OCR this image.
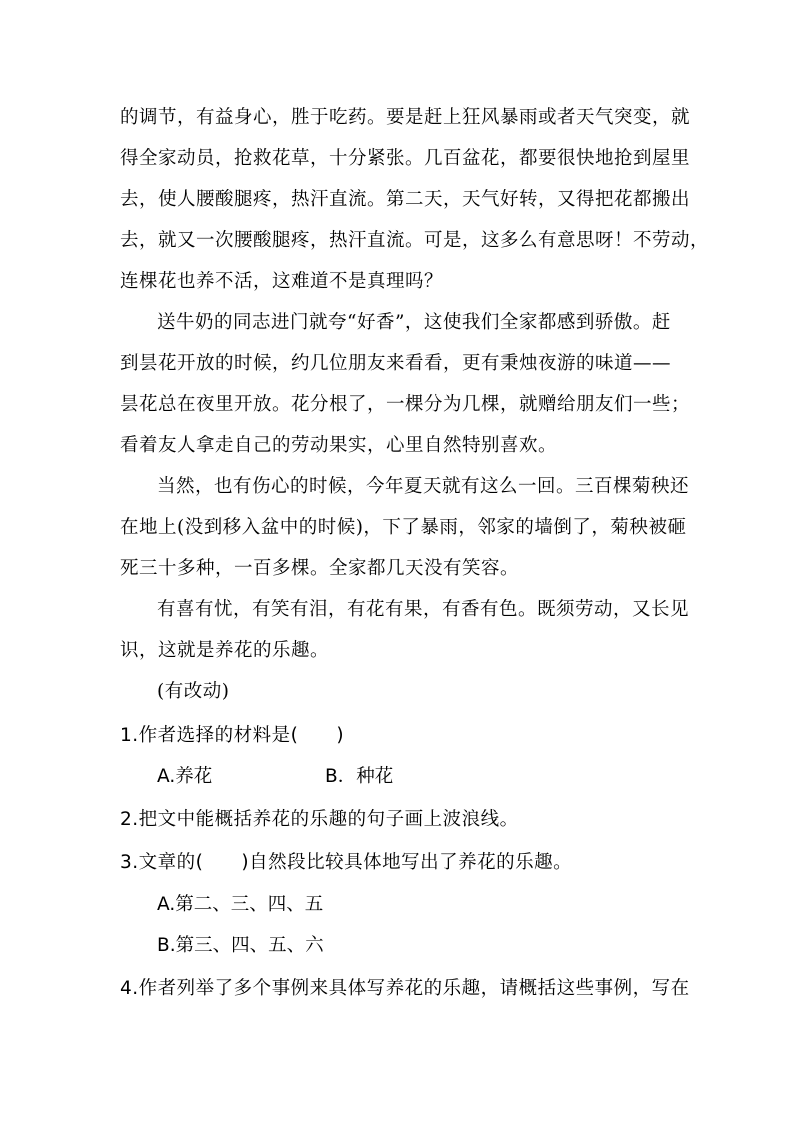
的调节，有益身心，胜于吃药。要是赶上狂风暴雨或者天气突变，就
得全家动员，抢救花草，十分紧张。几百盆花，都要很快地抢到屋里
去，使人腰酸腿疼，热汗直流。第二天，天气好转，又得把花都搬出
去，就又一次腰酸腿疼，热汗直流。可是，这多么有意思呀！不劳动，
连棵花也养不活，这难道不是真理吗？
送牛奶的同志进门就夸“好香”，这使我们全家都感到骄傲。赶
到昙花开放的时候，约几位朋友来看看，更有秉烛夜游的味道——
昙花总在夜里开放。花分根了，一棵分为几棵，就赠给朋友们一些；
看着友人拿走自己的劳动果实，心里自然特别喜欢。
当然，也有伤心的时候，今年夏天就有这么一回。三百棵菊秧还
在地上(没到移入盆中的时候)，下了暴雨，邻家的墙倒了，菊秧被砸
死三十多种，一百多棵。全家都几天没有笑容。
有喜有忧，有笑有泪，有花有果，有香有色。既须劳动，又长见
识，这就是养花的乐趣。
(有改动)
1.作者选择的材料是(　　)
A.养花	B．种花
2.把文中能概括养花的乐趣的句子画上波浪线。
3.文章的(　　)自然段比较具体地写出了养花的乐趣。
A.第二、三、四、五
B.第三、四、五、六
4.作者列举了多个事例来具体写养花的乐趣，请概括这些事例，写在
